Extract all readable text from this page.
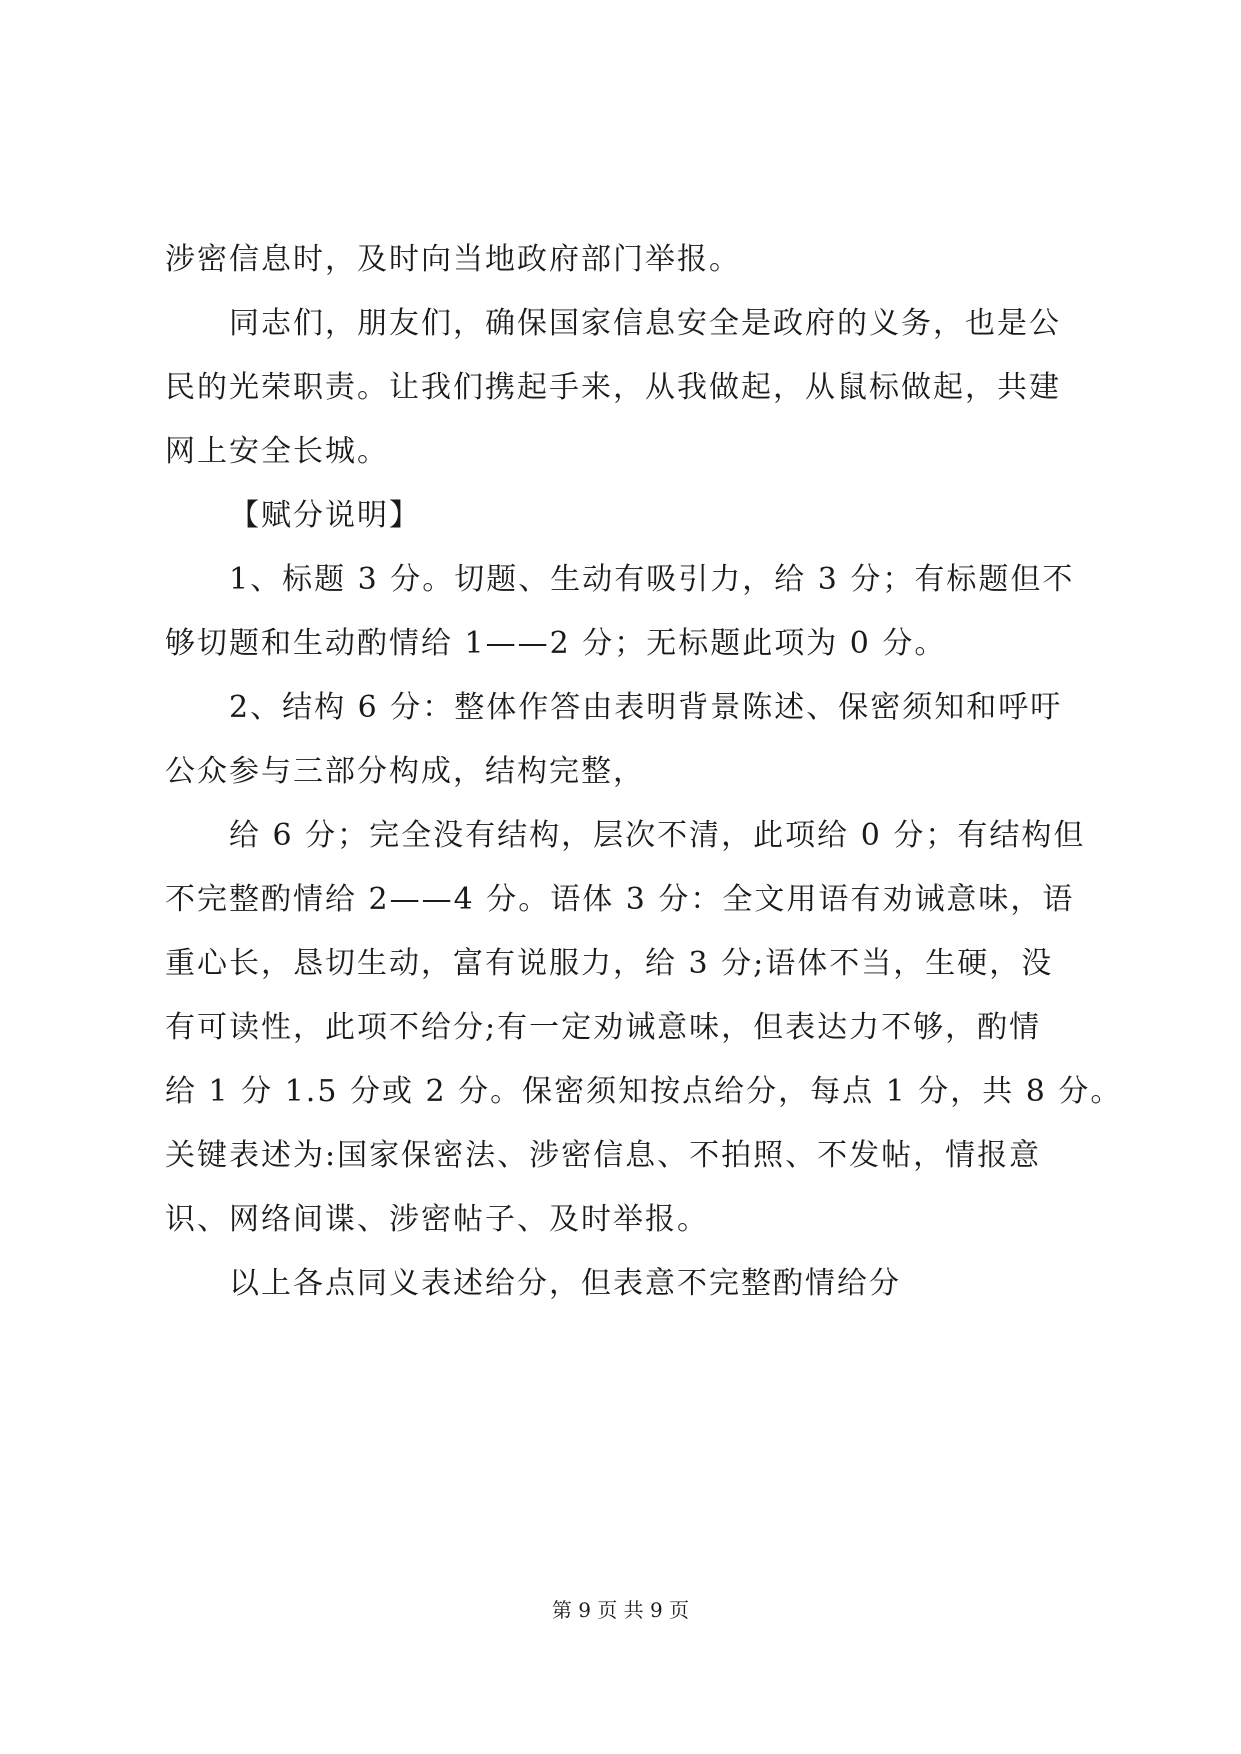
涉密信息时，及时向当地政府部门举报。
同志们，朋友们，确保国家信息安全是政府的义务，也是公
民的光荣职责。让我们携起手来，从我做起，从鼠标做起，共建
网上安全长城。
【赋分说明】
1、标题 3 分。切题、生动有吸引力，给 3 分；有标题但不
够切题和生动酌情给 1——2 分；无标题此项为 0 分。
2、结构 6 分：整体作答由表明背景陈述、保密须知和呼吁
公众参与三部分构成，结构完整，
给 6 分；完全没有结构，层次不清，此项给 0 分；有结构但
不完整酌情给 2——4 分。语体 3 分：全文用语有劝诫意味，语
重心长，恳切生动，富有说服力，给 3 分;语体不当，生硬，没
有可读性，此项不给分;有一定劝诫意味，但表达力不够，酌情
给 1 分 1.5 分或 2 分。保密须知按点给分，每点 1 分，共 8 分。
关键表述为:国家保密法、涉密信息、不拍照、不发帖，情报意
识、网络间谍、涉密帖子、及时举报。
以上各点同义表述给分，但表意不完整酌情给分
第 9 页 共 9 页
